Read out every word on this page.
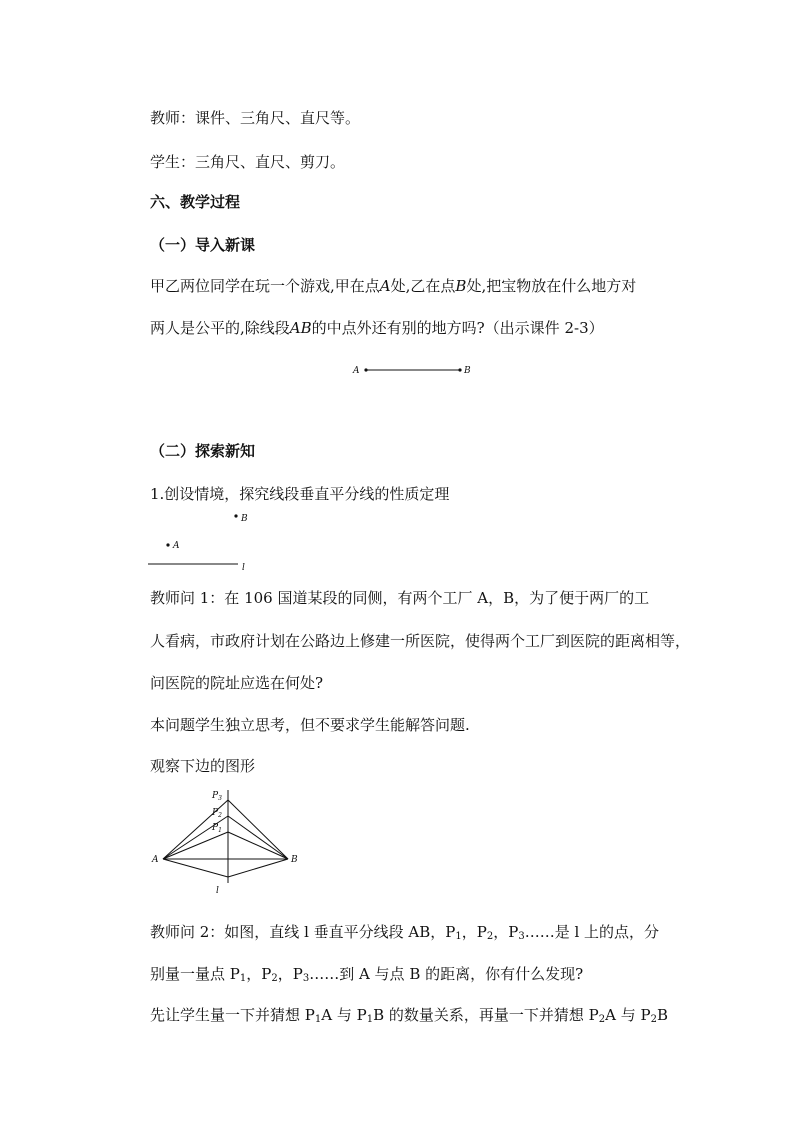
教师：课件、三角尺、直尺等。
学生：三角尺、直尺、剪刀。
六、教学过程
（一）导入新课
甲乙两位同学在玩一个游戏,甲在点A处,乙在点B处,把宝物放在什么地方对
两人是公平的,除线段AB的中点外还有别的地方吗?（出示课件 2-3）
A	B
（二）探索新知
1.创设情境，探究线段垂直平分线的性质定理
B
A
l
教师问 1：在 106 国道某段的同侧，有两个工厂 A，B，为了便于两厂的工
人看病，市政府计划在公路边上修建一所医院，使得两个工厂到医院的距离相等，
问医院的院址应选在何处?
本问题学生独立思考，但不要求学生能解答问题.
观察下边的图形
$P_3$
$P_2$
$P_1$
A	B
l
教师问 2：如图，直线 l 垂直平分线段 AB，$P_1$，$P_2$，$P_3\dots\dots$是 l 上的点，分
别量一量点 $P_1$，$P_2$，$P_3\dots\dots$到 A 与点 B 的距离，你有什么发现?
先让学生量一下并猜想 $P_1A$ 与 $P_1B$ 的数量关系，再量一下并猜想 $P_2A$ 与 $P_2B$
